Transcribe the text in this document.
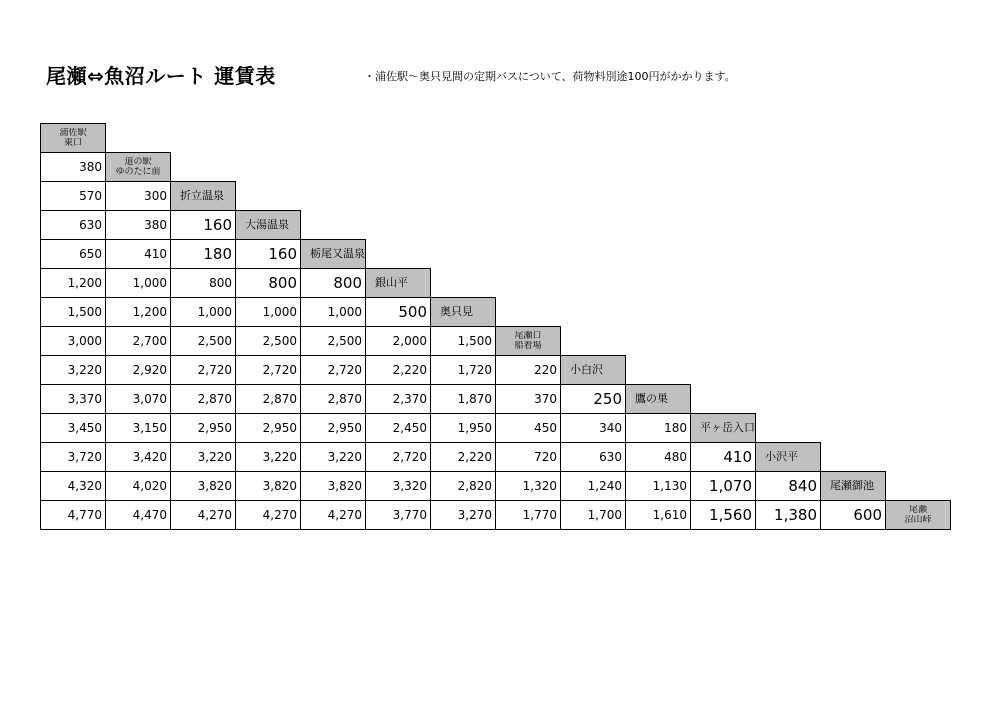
尾瀬⇔魚沼ルート 運賃表	・浦佐駅～奥只見間の定期バスについて、荷物料別途100円がかかります。
浦佐駅
東口													

380	道の駅
ゆのたに前												

570	300	折立温泉											

630	380	160	大湯温泉										

650	410	180	160	栃尾又温泉									

1,200	1,000	800	800	800	銀山平								

1,500	1,200	1,000	1,000	1,000	500	奥只見							

3,000	2,700	2,500	2,500	2,500	2,000	1,500	尾瀬口
船着場						

3,220	2,920	2,720	2,720	2,720	2,220	1,720	220	小白沢					

3,370	3,070	2,870	2,870	2,870	2,370	1,870	370	250	鷹の巣				

3,450	3,150	2,950	2,950	2,950	2,450	1,950	450	340	180	平ヶ岳入口			

3,720	3,420	3,220	3,220	3,220	2,720	2,220	720	630	480	410	小沢平		

4,320	4,020	3,820	3,820	3,820	3,320	2,820	1,320	1,240	1,130	1,070	840	尾瀬御池	

4,770	4,470	4,270	4,270	4,270	3,770	3,270	1,770	1,700	1,610	1,560	1,380	600	尾瀬
沼山峠
